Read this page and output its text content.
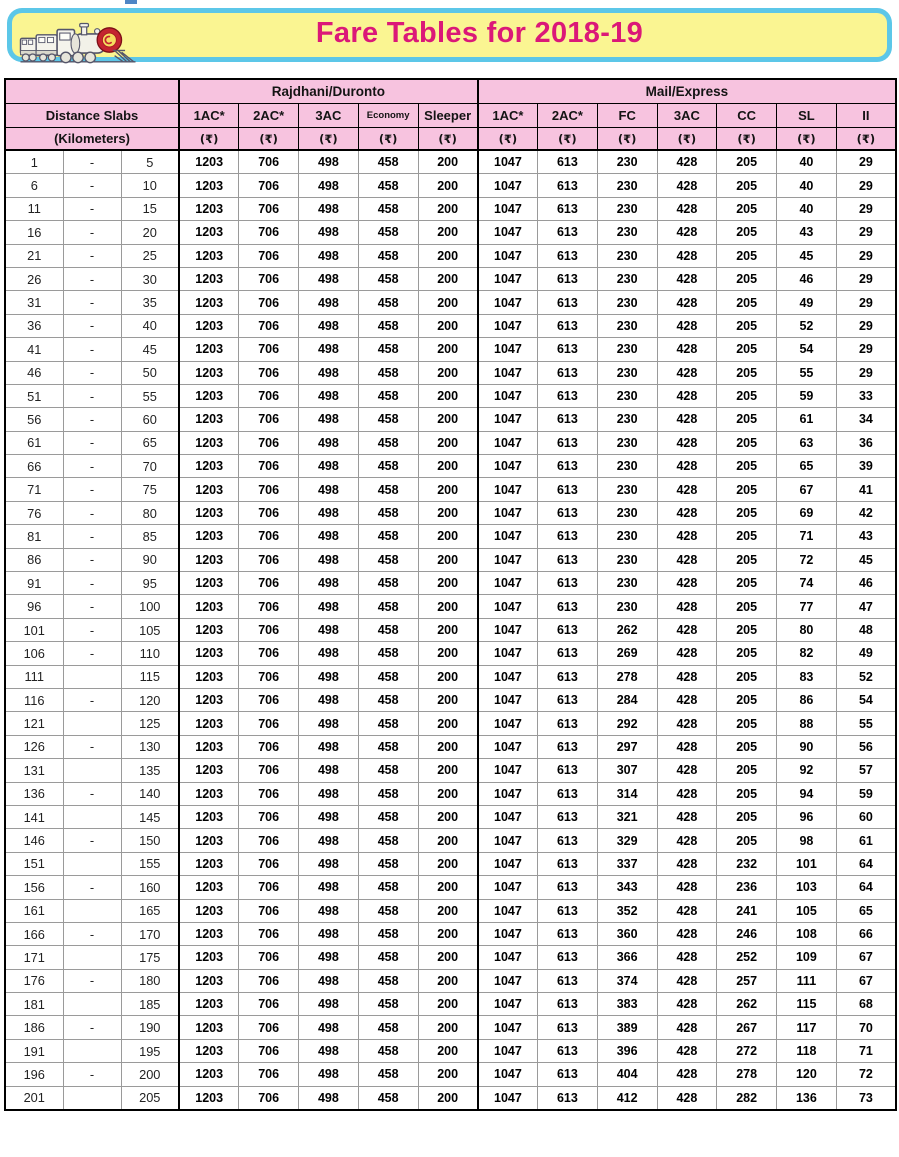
Fare Tables for 2018-19
			Rajdhani/Duronto					Mail/Express						
Distance Slabs			1AC*	2AC*	3AC	Economy	Sleeper	1AC*	2AC*	FC	3AC	CC	SL	II
(Kilometers)			(₹)	(₹)	(₹)	(₹)	(₹)	(₹)	(₹)	(₹)	(₹)	(₹)	(₹)	(₹)
1	-	5	1203	706	498	458	200	1047	613	230	428	205	40	29
6	-	10	1203	706	498	458	200	1047	613	230	428	205	40	29
11	-	15	1203	706	498	458	200	1047	613	230	428	205	40	29
16	-	20	1203	706	498	458	200	1047	613	230	428	205	43	29
21	-	25	1203	706	498	458	200	1047	613	230	428	205	45	29
26	-	30	1203	706	498	458	200	1047	613	230	428	205	46	29
31	-	35	1203	706	498	458	200	1047	613	230	428	205	49	29
36	-	40	1203	706	498	458	200	1047	613	230	428	205	52	29
41	-	45	1203	706	498	458	200	1047	613	230	428	205	54	29
46	-	50	1203	706	498	458	200	1047	613	230	428	205	55	29
51	-	55	1203	706	498	458	200	1047	613	230	428	205	59	33
56	-	60	1203	706	498	458	200	1047	613	230	428	205	61	34
61	-	65	1203	706	498	458	200	1047	613	230	428	205	63	36
66	-	70	1203	706	498	458	200	1047	613	230	428	205	65	39
71	-	75	1203	706	498	458	200	1047	613	230	428	205	67	41
76	-	80	1203	706	498	458	200	1047	613	230	428	205	69	42
81	-	85	1203	706	498	458	200	1047	613	230	428	205	71	43
86	-	90	1203	706	498	458	200	1047	613	230	428	205	72	45
91	-	95	1203	706	498	458	200	1047	613	230	428	205	74	46
96	-	100	1203	706	498	458	200	1047	613	230	428	205	77	47
101	-	105	1203	706	498	458	200	1047	613	262	428	205	80	48
106	-	110	1203	706	498	458	200	1047	613	269	428	205	82	49
111		115	1203	706	498	458	200	1047	613	278	428	205	83	52
116	-	120	1203	706	498	458	200	1047	613	284	428	205	86	54
121		125	1203	706	498	458	200	1047	613	292	428	205	88	55
126	-	130	1203	706	498	458	200	1047	613	297	428	205	90	56
131		135	1203	706	498	458	200	1047	613	307	428	205	92	57
136	-	140	1203	706	498	458	200	1047	613	314	428	205	94	59
141		145	1203	706	498	458	200	1047	613	321	428	205	96	60
146	-	150	1203	706	498	458	200	1047	613	329	428	205	98	61
151		155	1203	706	498	458	200	1047	613	337	428	232	101	64
156	-	160	1203	706	498	458	200	1047	613	343	428	236	103	64
161		165	1203	706	498	458	200	1047	613	352	428	241	105	65
166	-	170	1203	706	498	458	200	1047	613	360	428	246	108	66
171		175	1203	706	498	458	200	1047	613	366	428	252	109	67
176	-	180	1203	706	498	458	200	1047	613	374	428	257	111	67
181		185	1203	706	498	458	200	1047	613	383	428	262	115	68
186	-	190	1203	706	498	458	200	1047	613	389	428	267	117	70
191		195	1203	706	498	458	200	1047	613	396	428	272	118	71
196	-	200	1203	706	498	458	200	1047	613	404	428	278	120	72
201		205	1203	706	498	458	200	1047	613	412	428	282	136	73
